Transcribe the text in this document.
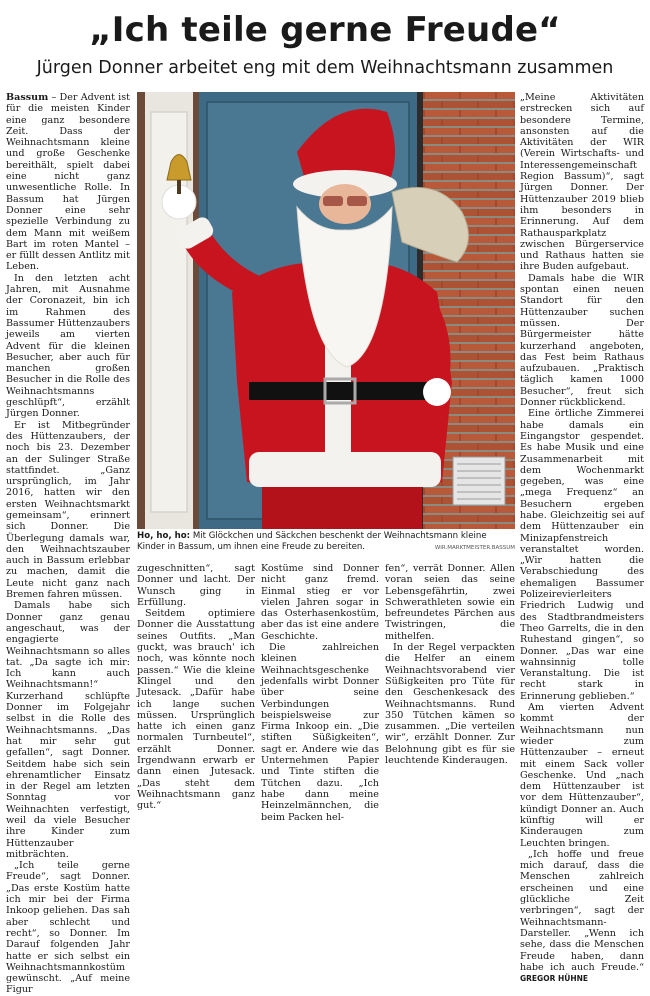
„Ich teile gerne Freude“
Jürgen Donner arbeitet eng mit dem Weihnachtsmann zusammen

Bassum – Der Advent ist für die meisten Kinder eine ganz besondere Zeit. Dass der Weihnachtsmann kleine und große Geschenke bereithält, spielt dabei eine nicht ganz unwesentliche Rolle. In Bassum hat Jürgen Donner eine sehr spezielle Verbindung zu dem Mann mit weißem Bart im roten Mantel – er füllt dessen Antlitz mit Leben.

In den letzten acht Jahren, mit Ausnahme der Coronazeit, bin ich im Rahmen des Bassumer Hüttenzaubers jeweils am vierten Advent für die kleinen Besucher, aber auch für manchen großen Besucher in die Rolle des Weihnachtsmanns geschlüpft“, erzählt Jürgen Donner.

Er ist Mitbegründer des Hüttenzaubers, der noch bis 23. Dezember an der Sulinger Straße stattfindet. „Ganz ursprünglich, im Jahr 2016, hatten wir den ersten Weihnachtsmarkt gemeinsam“, erinnert sich Donner. Die Überlegung damals war, den Weihnachtszauber auch in Bassum erlebbar zu machen, damit die Leute nicht ganz nach Bremen fahren müssen.

Damals habe sich Donner ganz genau angeschaut, was der engagierte Weihnachtsmann so alles tat. „Da sagte ich mir: Ich kann auch Weihnachtsmann!“ Kurzerhand schlüpfte Donner im Folgejahr selbst in die Rolle des Weihnachtsmanns. „Das hat mir sehr gut gefallen“, sagt Donner. Seitdem habe sich sein ehrenamtlicher Einsatz in der Regel am letzten Sonntag vor Weihnachten verfestigt, weil da viele Besucher ihre Kinder zum Hüttenzauber mitbrächten.

„Ich teile gerne Freude“, sagt Donner. „Das erste Kostüm hatte ich mir bei der Firma Inkoop geliehen. Das sah aber schlecht und recht“, so Donner. Im Darauf folgenden Jahr hatte er sich selbst ein Weihnachtsmannkostüm gewünscht. „Auf meine Figur

Ho, ho, ho: Mit Glöckchen und Säckchen beschenkt der Weihnachtsmann kleine Kinder in Bassum, um ihnen eine Freude zu bereiten.	WIR.MARKTMEISTER.BASSUM

zugeschnitten“, sagt Donner und lacht. Der Wunsch ging in Erfüllung.

Seitdem optimiere Donner die Ausstattung seines Outfits. „Man guckt, was brauch' ich noch, was könnte noch passen.“ Wie die kleine Klingel und den Jutesack. „Dafür habe ich lange suchen müssen. Ursprünglich hatte ich einen ganz normalen Turnbeutel“, erzählt Donner. Irgendwann erwarb er dann einen Jutesack. „Das steht dem Weihnachtsmann ganz gut.“

Kostüme sind Donner nicht ganz fremd. Einmal stieg er vor vielen Jahren sogar in das Osterhasenkostüm, aber das ist eine andere Geschichte.

Die zahlreichen kleinen Weihnachtsgeschenke jedenfalls wirbt Donner über seine Verbindungen beispielsweise zur Firma Inkoop ein. „Die stiften Süßigkeiten“, sagt er. Andere wie das Unternehmen Papier und Tinte stiften die Tütchen dazu. „Ich habe dann meine Heinzelmännchen, die beim Packen hel-

fen“, verrät Donner. Allen voran seien das seine Lebensgefährtin, zwei Schwerathleten sowie ein befreundetes Pärchen aus Twistringen, die mithelfen.

In der Regel verpackten die Helfer an einem Weihnachtsvorabend vier Süßigkeiten pro Tüte für den Geschenkesack des Weihnachtsmanns. Rund 350 Tütchen kämen so zusammen. „Die verteilen wir“, erzählt Donner. Zur Belohnung gibt es für sie leuchtende Kinderaugen.

„Meine Aktivitäten erstrecken sich auf besondere Termine, ansonsten auf die Aktivitäten der WIR (Verein Wirtschafts- und Interessengemeinschaft Region Bassum)“, sagt Jürgen Donner. Der Hüttenzauber 2019 blieb ihm besonders in Erinnerung. Auf dem Rathausparkplatz zwischen Bürgerservice und Rathaus hatten sie ihre Buden aufgebaut.

Damals habe die WIR spontan einen neuen Standort für den Hüttenzauber suchen müssen. Der Bürgermeister hätte kurzerhand angeboten, das Fest beim Rathaus aufzubauen. „Praktisch täglich kamen 1000 Besucher“, freut sich Donner rückblickend.

Eine örtliche Zimmerei habe damals ein Eingangstor gespendet. Es habe Musik und eine Zusammenarbeit mit dem Wochenmarkt gegeben, was eine „mega Frequenz“ an Besuchern ergeben habe. Gleichzeitig sei auf dem Hüttenzauber ein Minizapfenstreich veranstaltet worden. „Wir hatten die Verabschiedung des ehemaligen Bassumer Polizeirevierleiters Friedrich Ludwig und des Stadtbrandmeisters Theo Garrelts, die in den Ruhestand gingen“, so Donner. „Das war eine wahnsinnig tolle Veranstaltung. Die ist recht stark in Erinnerung geblieben.“

Am vierten Advent kommt der Weihnachtsmann nun wieder zum Hüttenzauber – erneut mit einem Sack voller Geschenke. Und „nach dem Hüttenzauber ist vor dem Hüttenzauber“, kündigt Donner an. Auch künftig will er Kinderaugen zum Leuchten bringen.

„Ich hoffe und freue mich darauf, dass die Menschen zahlreich erscheinen und eine glückliche Zeit verbringen“, sagt der Weihnachtsmann-Darsteller. „Wenn ich sehe, dass die Menschen Freude haben, dann habe ich auch Freude.“ GREGOR HÜHNE
